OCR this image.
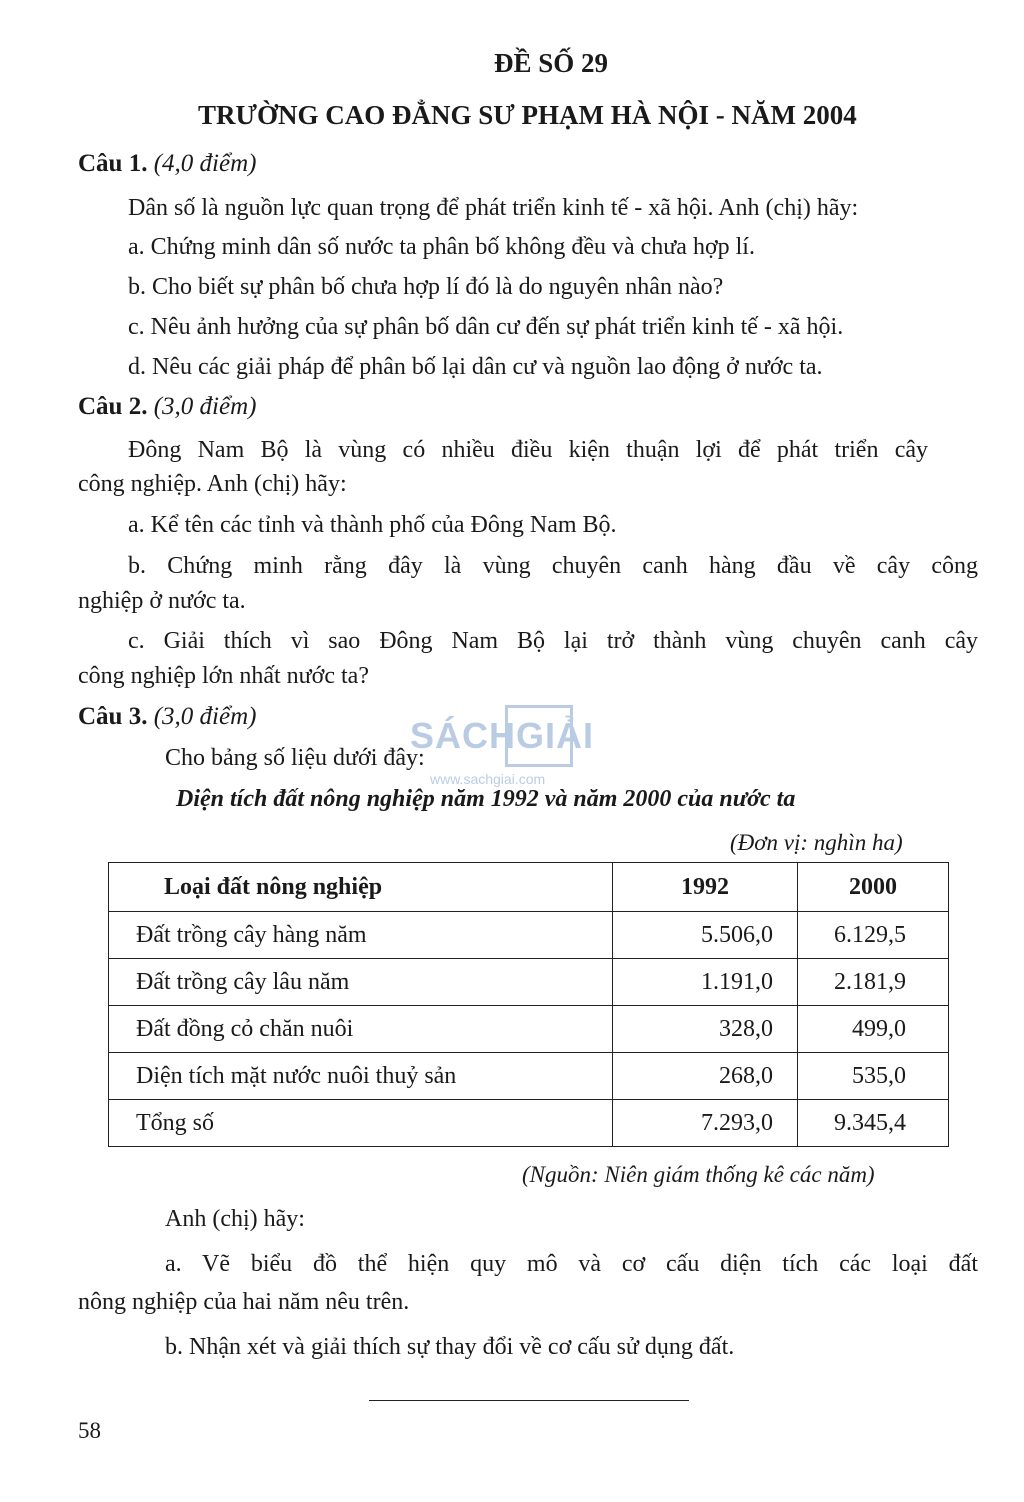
ĐỀ SỐ 29
TRƯỜNG CAO ĐẲNG SƯ PHẠM HÀ NỘI - NĂM 2004
Câu 1. (4,0 điểm)
Dân số là nguồn lực quan trọng để phát triển kinh tế - xã hội. Anh (chị) hãy:
a. Chứng minh dân số nước ta phân bố không đều và chưa hợp lí.
b. Cho biết sự phân bố chưa hợp lí đó là do nguyên nhân nào?
c. Nêu ảnh hưởng của sự phân bố dân cư đến sự phát triển kinh tế - xã hội.
d. Nêu các giải pháp để phân bố lại dân cư và nguồn lao động ở nước ta.
Câu 2. (3,0 điểm)
Đông Nam Bộ là vùng có nhiều điều kiện thuận lợi để phát triển cây
công nghiệp. Anh (chị) hãy:
a. Kể tên các tỉnh và thành phố của Đông Nam Bộ.
b. Chứng minh rằng đây là vùng chuyên canh hàng đầu về cây công
nghiệp ở nước ta.
c. Giải thích vì sao Đông Nam Bộ lại trở thành vùng chuyên canh cây
công nghiệp lớn nhất nước ta?
Câu 3. (3,0 điểm)	SÁCHGIẢI
www.sachgiai.com
Cho bảng số liệu dưới đây:
Diện tích đất nông nghiệp năm 1992 và năm 2000 của nước ta
(Đơn vị: nghìn ha)
Loại đất nông nghiệp	1992	2000
Đất trồng cây hàng năm	5.506,0	6.129,5
Đất trồng cây lâu năm	1.191,0	2.181,9
Đất đồng cỏ chăn nuôi	328,0	499,0
Diện tích mặt nước nuôi thuỷ sản	268,0	535,0
Tổng số	7.293,0	9.345,4
(Nguồn: Niên giám thống kê các năm)
Anh (chị) hãy:
a. Vẽ biểu đồ thể hiện quy mô và cơ cấu diện tích các loại đất
nông nghiệp của hai năm nêu trên.
b. Nhận xét và giải thích sự thay đổi về cơ cấu sử dụng đất.
58
